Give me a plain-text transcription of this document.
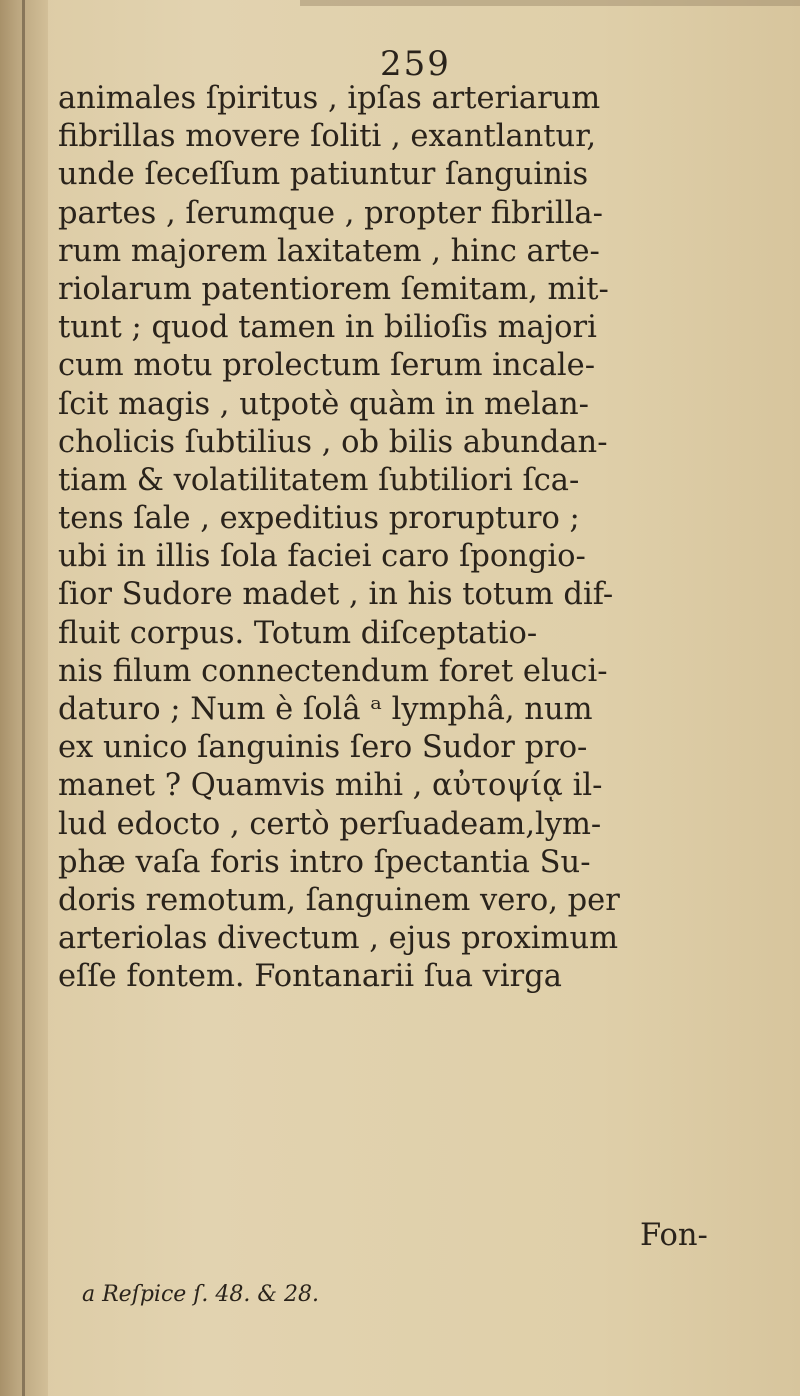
259
animales ſpiritus , ipſas arteriarum
fibrillas movere ſoliti , exantlantur,
unde ſeceſſum patiuntur ſanguinis
partes , ſerumque , propter fibrilla-
rum majorem laxitatem , hinc arte-
riolarum patentiorem ſemitam, mit-
tunt ; quod tamen in bilioſis majori
cum motu prolectum ſerum incale-
ſcit magis , utpotè quàm in melan-
cholicis ſubtilius , ob bilis abundan-
tiam & volatilitatem ſubtiliori ſca-
tens ſale , expeditius prorupturo ;
ubi in illis ſola faciei caro ſpongio-
ſior Sudore madet , in his totum dif-
fluit corpus. Totum diſceptatio-
nis filum connectendum foret eluci-
daturo ; Num è ſolâ ᵃ lymphâ, num
ex unico ſanguinis ſero Sudor pro-
manet ? Quamvis mihi , αὐτοψίᾳ il-
lud edocto , certò perſuadeam,lym-
phæ vaſa foris intro ſpectantia Su-
doris remotum, ſanguinem vero, per
arteriolas divectum , ejus proximum
eſſe fontem. Fontanarii ſua virga
Fon-
a Reſpice ſ. 48. & 28.
